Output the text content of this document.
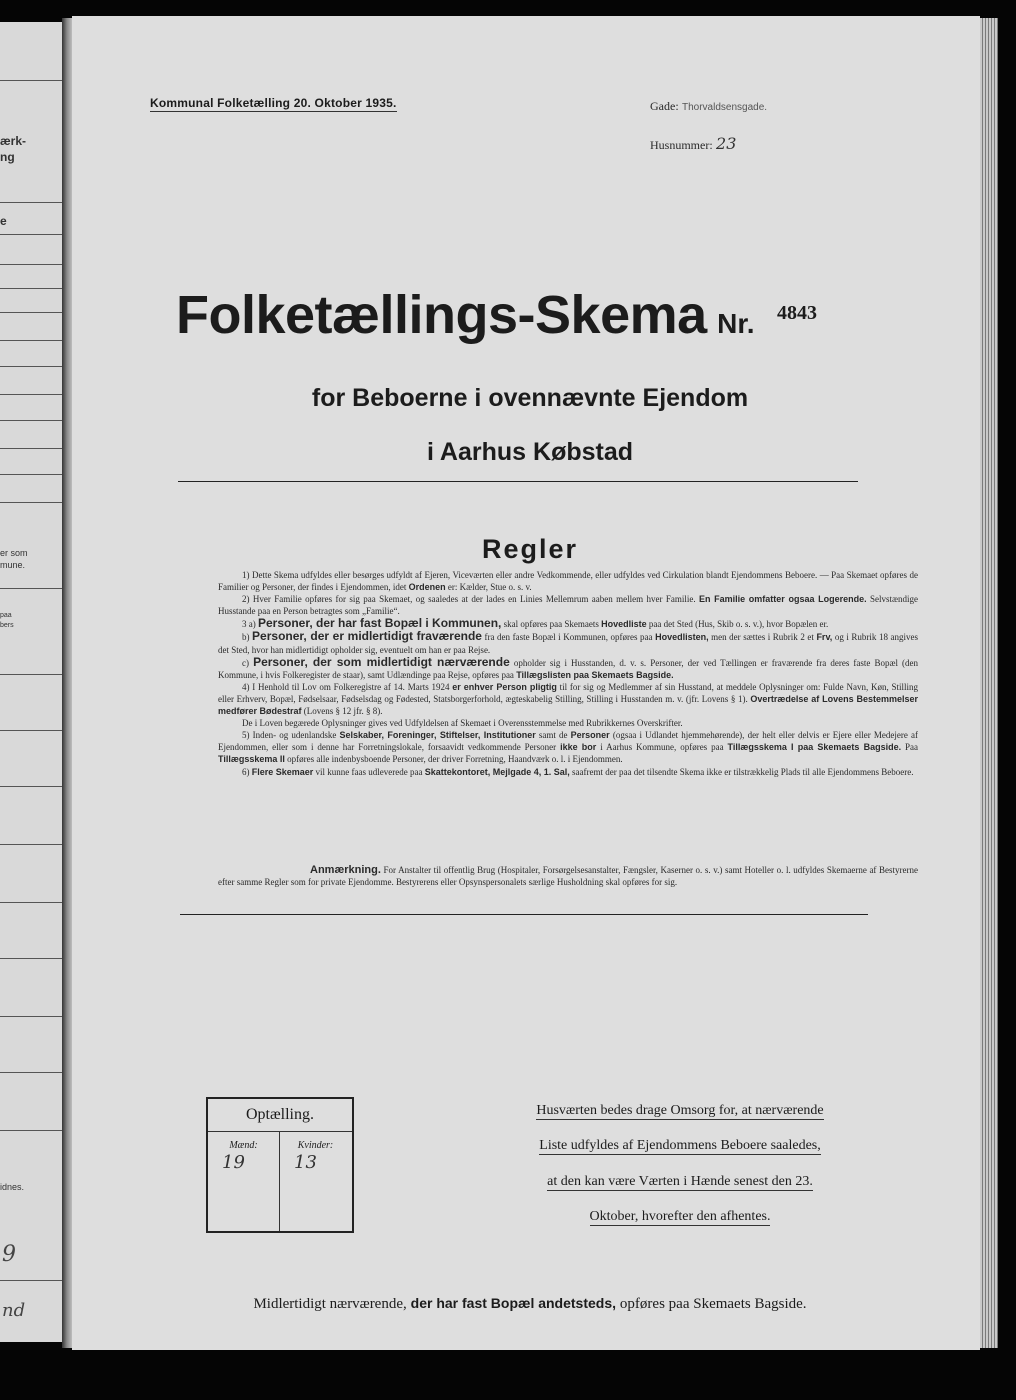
ærk-
ng
e
er som
mune.
paa
bers
idnes.
9
nd
Kommunal Folketælling 20. Oktober 1935.	Gade: Thorvaldsensgade.
Husnummer: 23
Folketællings-Skema Nr. 4843
for Beboerne i ovennævnte Ejendom
i Aarhus Købstad
Regler

1) Dette Skema udfyldes eller besørges udfyldt af Ejeren, Viceværten eller andre Vedkommende, eller udfyldes ved Cirkulation blandt Ejendommens Beboere. — Paa Skemaet opføres de Familier og Personer, der findes i Ejendommen, idet Ordenen er: Kælder, Stue o. s. v.

2) Hver Familie opføres for sig paa Skemaet, og saaledes at der lades en Linies Mellemrum aaben mellem hver Familie. En Familie omfatter ogsaa Logerende. Selvstændige Husstande paa en Person betragtes som „Familie“.

3 a) Personer, der har fast Bopæl i Kommunen, skal opføres paa Skemaets Hovedliste paa det Sted (Hus, Skib o. s. v.), hvor Bopælen er.

b) Personer, der er midlertidigt fraværende fra den faste Bopæl i Kommunen, opføres paa Hovedlisten, men der sættes i Rubrik 2 et Frv, og i Rubrik 18 angives det Sted, hvor han midlertidigt opholder sig, eventuelt om han er paa Rejse.

c) Personer, der som midlertidigt nærværende opholder sig i Husstanden, d. v. s. Personer, der ved Tællingen er fraværende fra deres faste Bopæl (den Kommune, i hvis Folkeregister de staar), samt Udlændinge paa Rejse, opføres paa Tillægslisten paa Skemaets Bagside.

4) I Henhold til Lov om Folkeregistre af 14. Marts 1924 er enhver Person pligtig til for sig og Medlemmer af sin Husstand, at meddele Oplysninger om: Fulde Navn, Køn, Stilling eller Erhverv, Bopæl, Fødselsaar, Fødselsdag og Fødested, Statsborgerforhold, ægteskabelig Stilling, Stilling i Husstanden m. v. (jfr. Lovens § 1). Overtrædelse af Lovens Bestemmelser medfører Bødestraf (Lovens § 12 jfr. § 8).

De i Loven begærede Oplysninger gives ved Udfyldelsen af Skemaet i Overensstemmelse med Rubrikkernes Overskrifter.

5) Inden- og udenlandske Selskaber, Foreninger, Stiftelser, Institutioner samt de Personer (ogsaa i Udlandet hjemmehørende), der helt eller delvis er Ejere eller Medejere af Ejendommen, eller som i denne har Forretningslokale, forsaavidt vedkommende Personer ikke bor i Aarhus Kommune, opføres paa Tillægsskema I paa Skemaets Bagside. Paa Tillægsskema II opføres alle indenbysboende Personer, der driver Forretning, Haandværk o. l. i Ejendommen.

6) Flere Skemaer vil kunne faas udleverede paa Skattekontoret, Mejlgade 4, 1. Sal, saafremt der paa det tilsendte Skema ikke er tilstrækkelig Plads til alle Ejendommens Beboere.

Anmærkning. For Anstalter til offentlig Brug (Hospitaler, Forsørgelsesanstalter, Fængsler, Kaserner o. s. v.) samt Hoteller o. l. udfyldes Skemaerne af Bestyrerne efter samme Regler som for private Ejendomme. Bestyrerens eller Opsynspersonalets særlige Husholdning skal opføres for sig.
Optælling.
Mænd:
19
Kvinder:
13
Husværten bedes drage Omsorg for, at nærværende
Liste udfyldes af Ejendommens Beboere saaledes,
at den kan være Værten i Hænde senest den 23.
Oktober, hvorefter den afhentes.
Midlertidigt nærværende, der har fast Bopæl andetsteds, opføres paa Skemaets Bagside.
